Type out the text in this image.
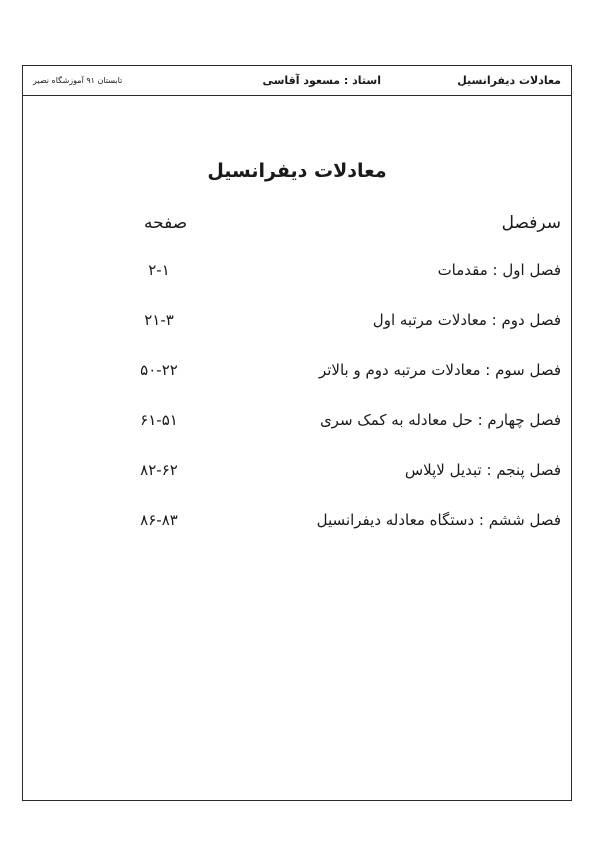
معادلات دیفرانسیل
استاد : مسعود آقاسی
تابستان ۹۱ آموزشگاه نصیر
معادلات دیفرانسیل
سرفصل
صفحه
فصل اول : مقدمات
۲-۱
فصل دوم : معادلات مرتبه اول
۲۱-۳
فصل سوم : معادلات مرتبه دوم و بالاتر
۵۰-۲۲
فصل چهارم : حل معادله به کمک سری
۶۱-۵۱
فصل پنجم : تبدیل لاپلاس
۸۲-۶۲
فصل ششم : دستگاه معادله دیفرانسیل
۸۶-۸۳
